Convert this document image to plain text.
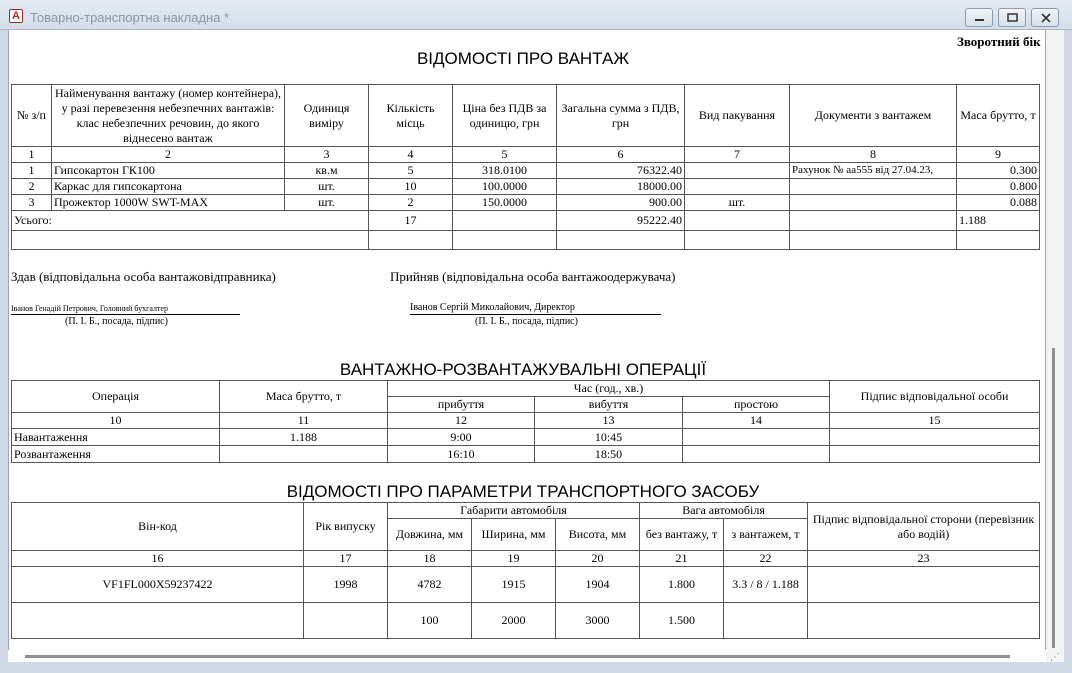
A Товарно-транспортна накладна *
Зворотний бік
ВІДОМОСТІ ПРО ВАНТАЖ
№ з/п	Найменування вантажу (номер контейнера), у разі перевезення небезпечних вантажів: клас небезпечних речовин, до якого віднесено вантаж	Одиниця виміру	Кількість місць	Ціна без ПДВ за одиницю, грн	Загальна сумма з ПДВ, грн	Вид пакування	Документи з вантажем	Маса брутто, т
1	2	3	4	5	6	7	8	9
1	Гипсокартон ГК100	кв.м	5	318.0100	76322.40		Рахунок № аа555 від 27.04.23,	0.300
2	Каркас для гипсокартона	шт.	10	100.0000	18000.00			0.800
3	Прожектор 1000W SWT-MAX	шт.	2	150.0000	900.00	шт.		0.088
Усього:			17		95222.40			1.188

Здав (відповідальна особа вантажовідправника)
Іванов Генадій Петрович, Головний бухгалтер
(П. І. Б., посада, підпис)
Прийняв (відповідальна особа вантажоодержувача)
Іванов Сергій Миколайович, Директор
(П. І. Б., посада, підпис)
ВАНТАЖНО-РОЗВАНТАЖУВАЛЬНІ ОПЕРАЦІЇ
Операція	Маса брутто, т	Час (год., хв.)			Підпис відповідальної особи
		прибуття	вибуття	простою	
10	11	12	13	14	15
Навантаження	1.188	9:00	10:45		
Розвантаження		16:10	18:50		
ВІДОМОСТІ ПРО ПАРАМЕТРИ ТРАНСПОРТНОГО ЗАСОБУ
Він-код	Рік випуску	Габарити автомобіля			Вага автомобіля		Підпис відповідальної сторони (перевізник або водій)
		Довжина, мм	Ширина, мм	Висота, мм	без вантажу, т	з вантажем, т	
16	17	18	19	20	21	22	23
VF1FL000X59237422	1998	4782	1915	1904	1.800	3.3 / 8 / 1.188	
		100	2000	3000	1.500		
⋰
